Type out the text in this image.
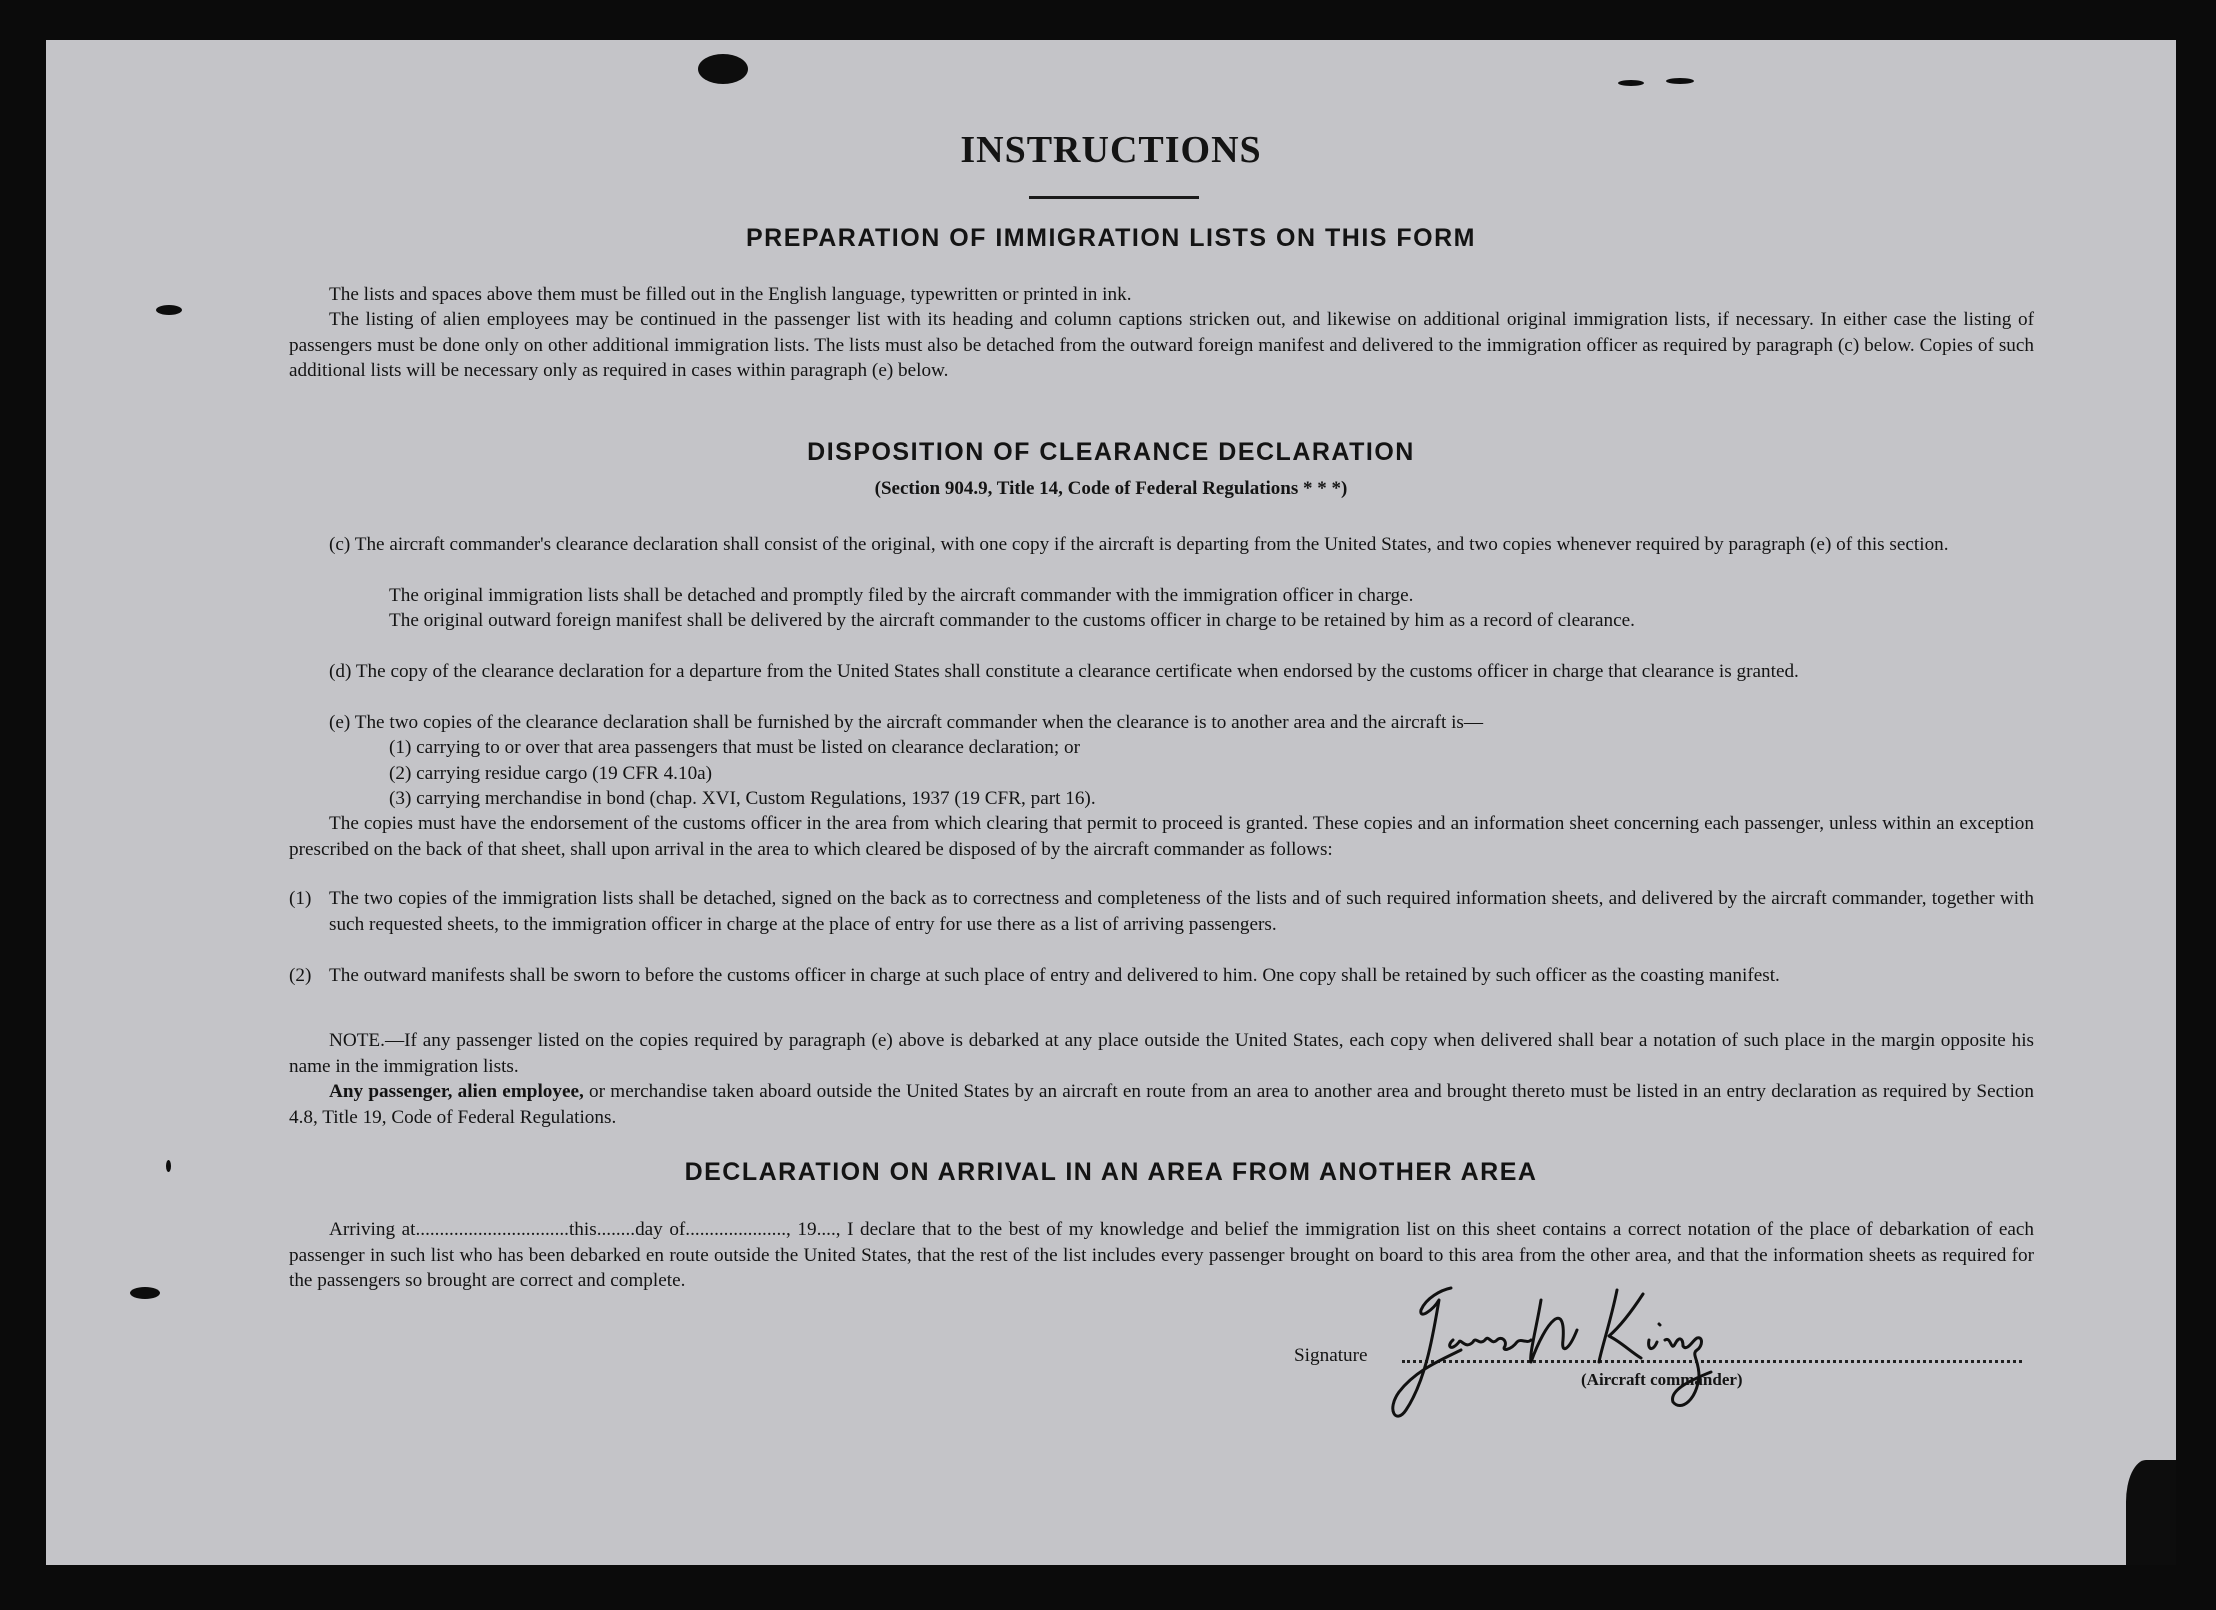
INSTRUCTIONS
PREPARATION OF IMMIGRATION LISTS ON THIS FORM

The lists and spaces above them must be filled out in the English language, typewritten or printed in ink.

The listing of alien employees may be continued in the passenger list with its heading and column captions stricken out, and likewise on additional original immigration lists, if necessary. In either case the listing of passengers must be done only on other additional immigration lists. The lists must also be detached from the outward foreign manifest and delivered to the immigration officer as required by paragraph (c) below. Copies of such additional lists will be necessary only as required in cases within paragraph (e) below.

DISPOSITION OF CLEARANCE DECLARATION
(Section 904.9, Title 14, Code of Federal Regulations * * *)

(c) The aircraft commander's clearance declaration shall consist of the original, with one copy if the aircraft is departing from the United States, and two copies whenever required by paragraph (e) of this section.

The original immigration lists shall be detached and promptly filed by the aircraft commander with the immigration officer in charge.

The original outward foreign manifest shall be delivered by the aircraft commander to the customs officer in charge to be retained by him as a record of clearance.

(d) The copy of the clearance declaration for a departure from the United States shall constitute a clearance certificate when endorsed by the customs officer in charge that clearance is granted.

(e) The two copies of the clearance declaration shall be furnished by the aircraft commander when the clearance is to another area and the aircraft is—

(1) carrying to or over that area passengers that must be listed on clearance declaration; or

(2) carrying residue cargo (19 CFR 4.10a)

(3) carrying merchandise in bond (chap. XVI, Custom Regulations, 1937 (19 CFR, part 16).

The copies must have the endorsement of the customs officer in the area from which clearing that permit to proceed is granted. These copies and an information sheet concerning each passenger, unless within an exception prescribed on the back of that sheet, shall upon arrival in the area to which cleared be disposed of by the aircraft commander as follows:

(1) The two copies of the immigration lists shall be detached, signed on the back as to correctness and completeness of the lists and of such required information sheets, and delivered by the aircraft commander, together with such requested sheets, to the immigration officer in charge at the place of entry for use there as a list of arriving passengers.

(2) The outward manifests shall be sworn to before the customs officer in charge at such place of entry and delivered to him. One copy shall be retained by such officer as the coasting manifest.

NOTE.—If any passenger listed on the copies required by paragraph (e) above is debarked at any place outside the United States, each copy when delivered shall bear a notation of such place in the margin opposite his name in the immigration lists.

Any passenger, alien employee, or merchandise taken aboard outside the United States by an aircraft en route from an area to another area and brought thereto must be listed in an entry declaration as required by Section 4.8, Title 19, Code of Federal Regulations.

DECLARATION ON ARRIVAL IN AN AREA FROM ANOTHER AREA

Arriving at................................this........day of....................., 19...., I declare that to the best of my knowledge and belief the immigration list on this sheet contains a correct notation of the place of debarkation of each passenger in such list who has been debarked en route outside the United States, that the rest of the list includes every passenger brought on board to this area from the other area, and that the information sheets as required for the passengers so brought are correct and complete.

Signature
(Aircraft commander)
